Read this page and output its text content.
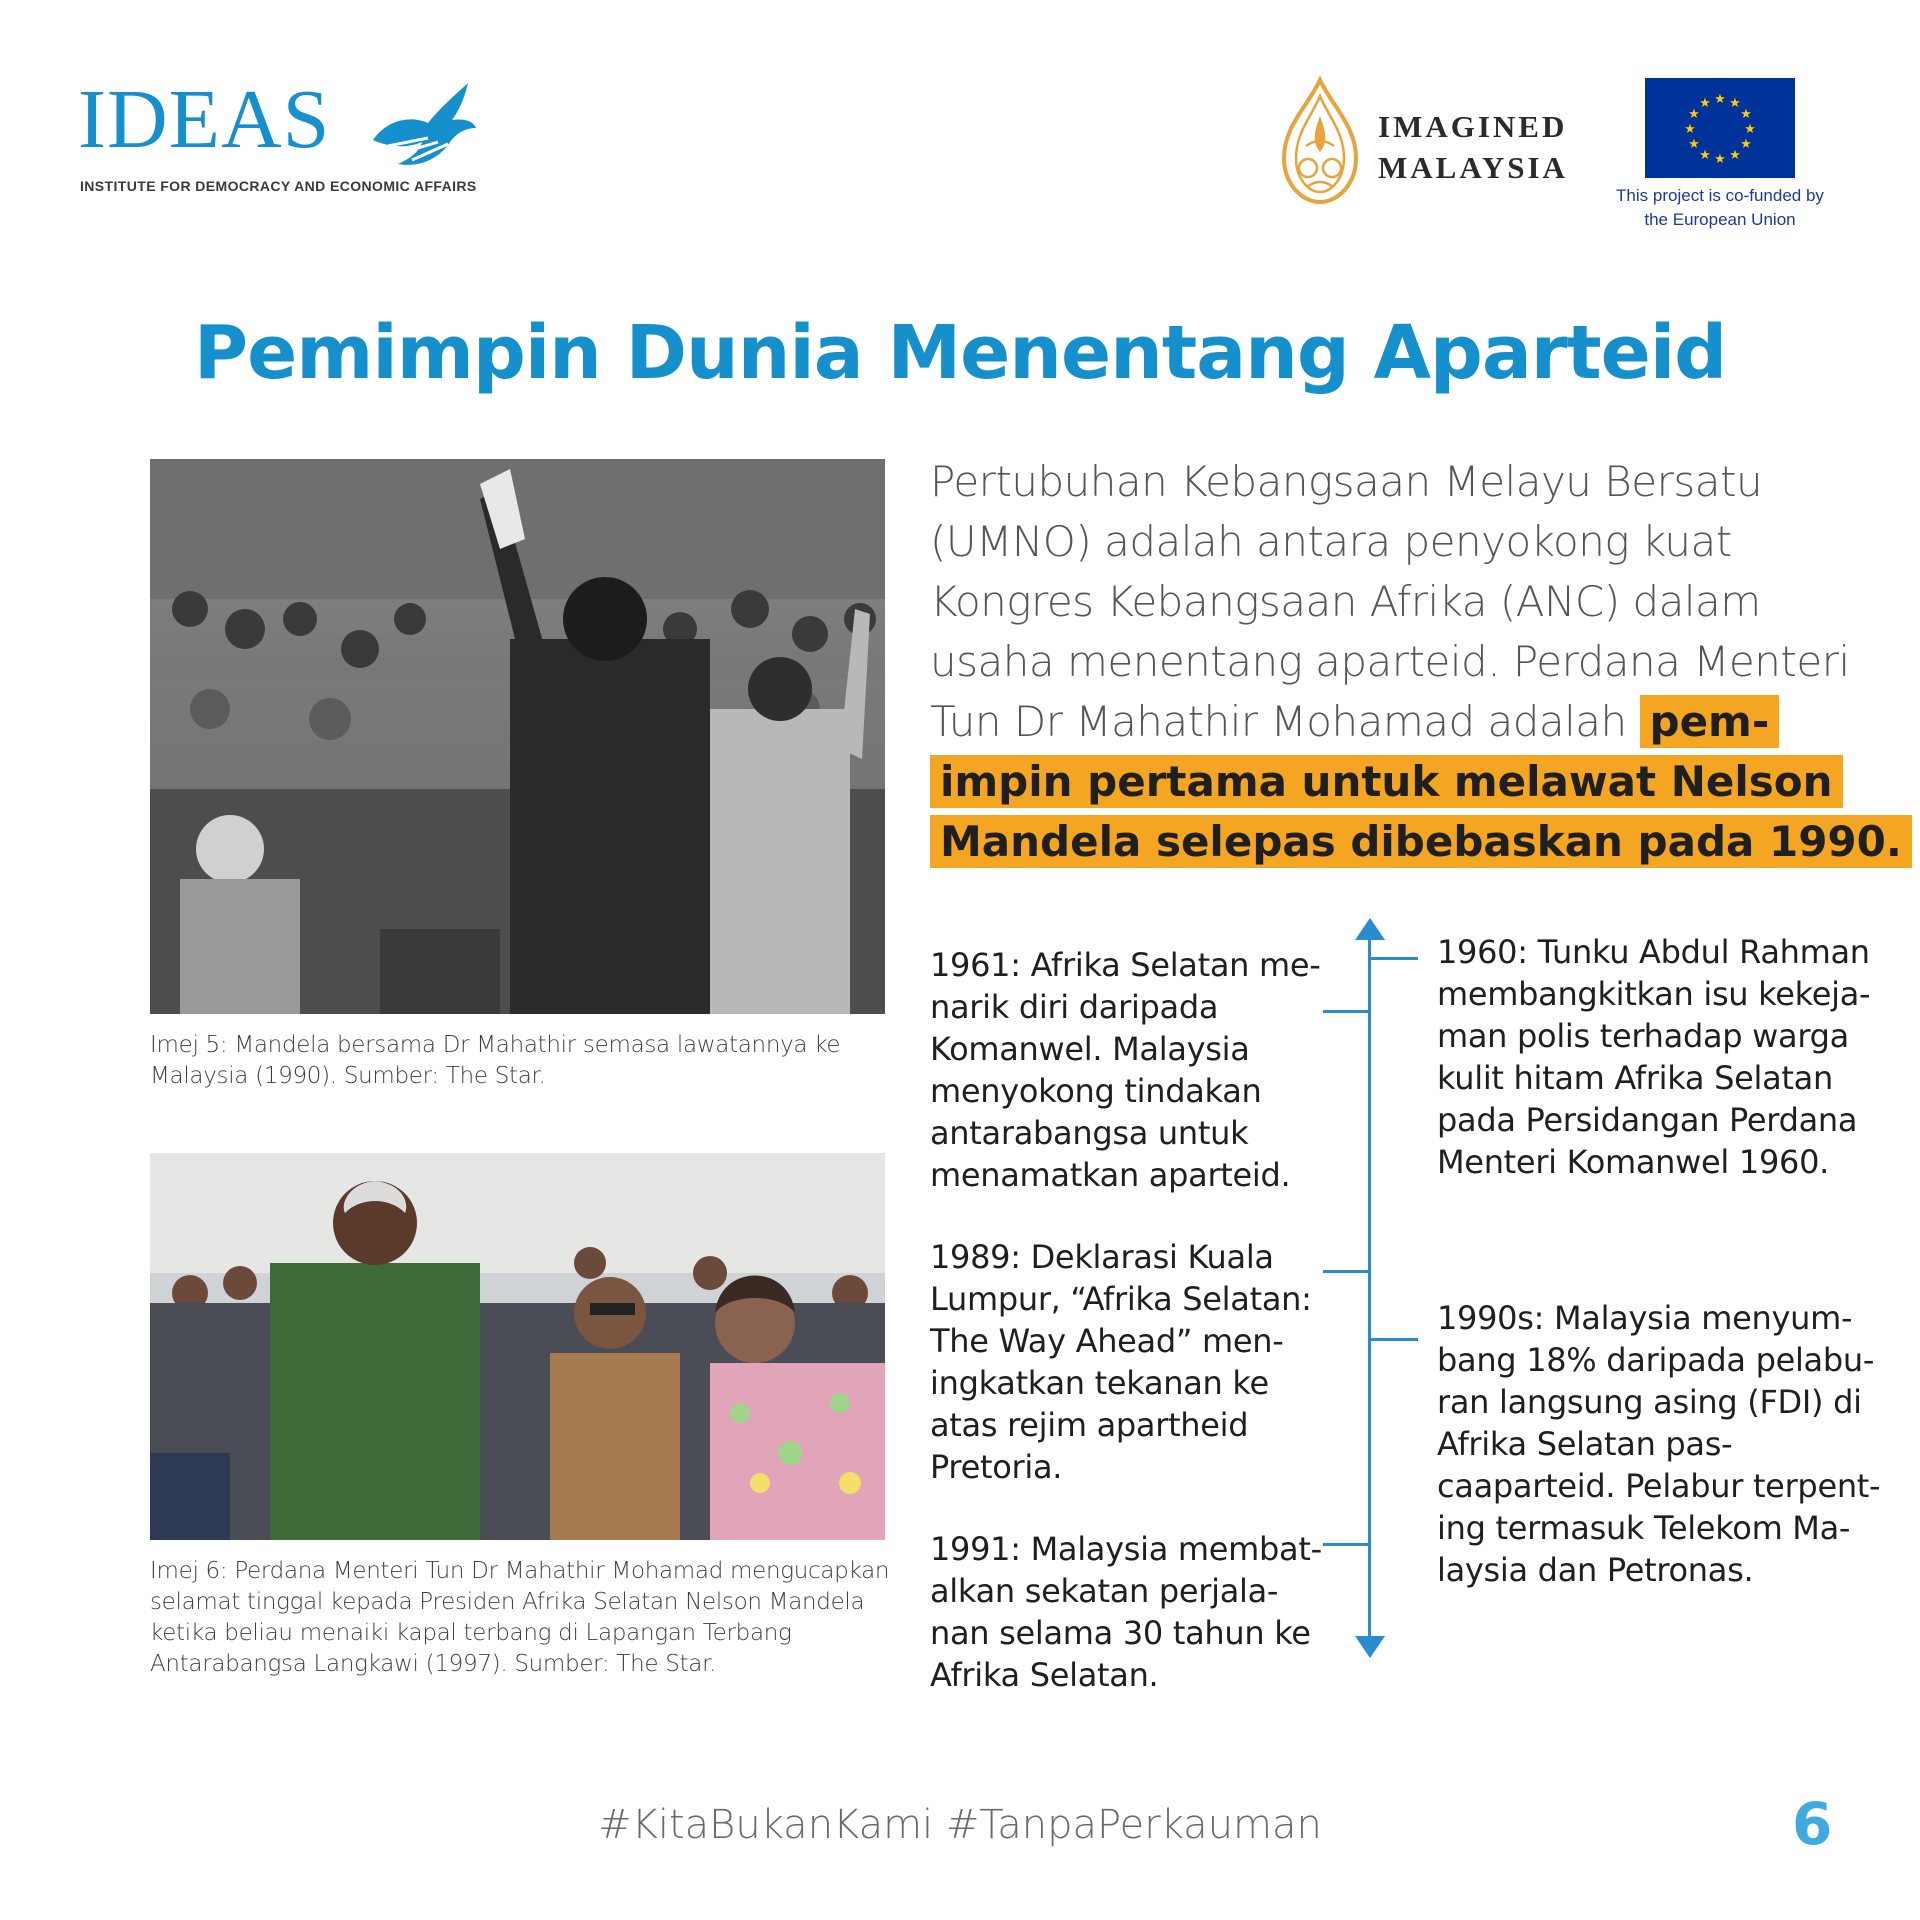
IDEAS
INSTITUTE FOR DEMOCRACY AND ECONOMIC AFFAIRS
IMAGINED
MALAYSIA
★ ★
★
★
★
★
★
★
★
★
★
★
This project is co-funded by
the European Union
Pemimpin Dunia Menentang Aparteid
Imej 5: Mandela bersama Dr Mahathir semasa lawatannya ke
Malaysia (1990). Sumber: The Star.
Imej 6: Perdana Menteri Tun Dr Mahathir Mohamad mengucapkan
selamat tinggal kepada Presiden Afrika Selatan Nelson Mandela
ketika beliau menaiki kapal terbang di Lapangan Terbang
Antarabangsa Langkawi (1997). Sumber: The Star.
Pertubuhan Kebangsaan Melayu Bersatu
(UMNO) adalah antara penyokong kuat
Kongres Kebangsaan Afrika (ANC) dalam
usaha menentang aparteid. Perdana Menteri
Tun Dr Mahathir Mohamad adalah pem-
impin pertama untuk melawat Nelson
Mandela selepas dibebaskan pada 1990.
1961: Afrika Selatan me-
narik diri daripada
Komanwel. Malaysia
menyokong tindakan
antarabangsa untuk
menamatkan aparteid.
1989: Deklarasi Kuala
Lumpur, “Afrika Selatan:
The Way Ahead” men-
ingkatkan tekanan ke
atas rejim apartheid
Pretoria.
1991: Malaysia membat-
alkan sekatan perjala-
nan selama 30 tahun ke
Afrika Selatan.
1960: Tunku Abdul Rahman
membangkitkan isu kekeja-
man polis terhadap warga
kulit hitam Afrika Selatan
pada Persidangan Perdana
Menteri Komanwel 1960.
1990s: Malaysia menyum-
bang 18% daripada pelabu-
ran langsung asing (FDI) di
Afrika Selatan pas-
caaparteid. Pelabur terpent-
ing termasuk Telekom Ma-
laysia dan Petronas.
#KitaBukanKami #TanpaPerkauman	6
